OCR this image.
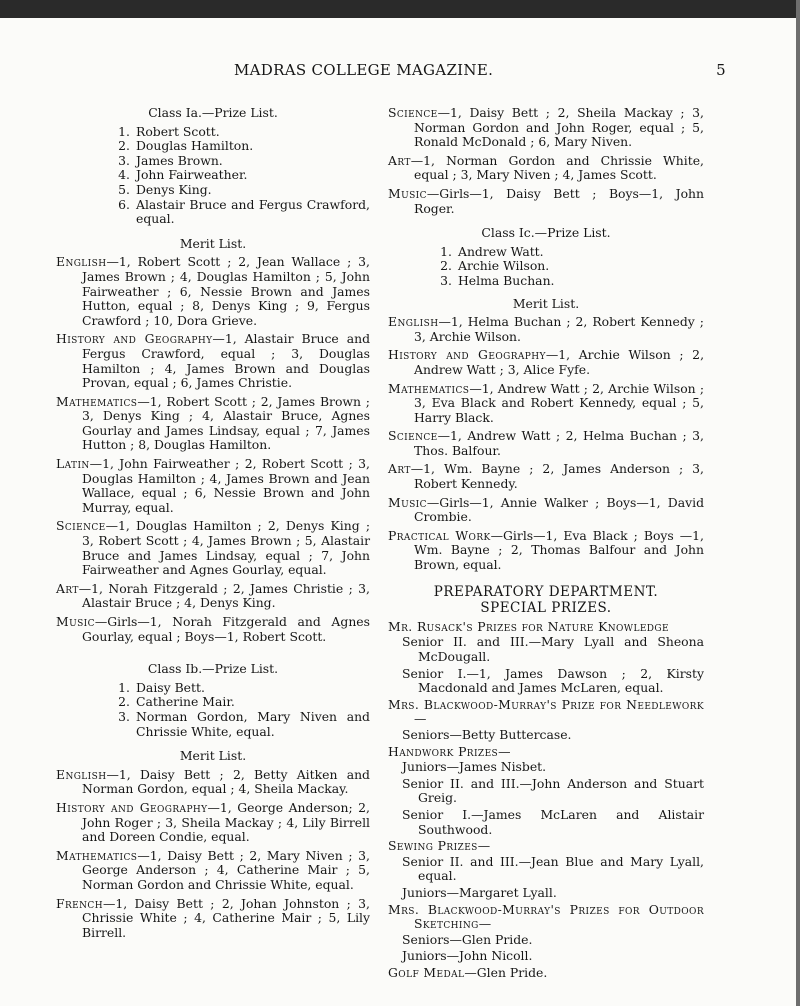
MADRAS COLLEGE MAGAZINE.	5
Class Ia.—Prize List.
1. Robert Scott.
2. Douglas Hamilton.
3. James Brown.
4. John Fairweather.
5. Denys King.
6. Alastair Bruce and Fergus Crawford, equal.
Merit List.

English—1, Robert Scott ; 2, Jean Wallace ; 3, James Brown ; 4, Douglas Hamilton ; 5, John Fairweather ; 6, Nessie Brown and James Hutton, equal ; 8, Denys King ; 9, Fergus Crawford ; 10, Dora Grieve.

History and Geography—1, Alastair Bruce and Fergus Crawford, equal ; 3, Douglas Hamilton ; 4, James Brown and Douglas Provan, equal ; 6, James Christie.

Mathematics—1, Robert Scott ; 2, James Brown ; 3, Denys King ; 4, Alastair Bruce, Agnes Gourlay and James Lindsay, equal ; 7, James Hutton ; 8, Douglas Hamilton.

Latin—1, John Fairweather ; 2, Robert Scott ; 3, Douglas Hamilton ; 4, James Brown and Jean Wallace, equal ; 6, Nessie Brown and John Murray, equal.

Science—1, Douglas Hamilton ; 2, Denys King ; 3, Robert Scott ; 4, James Brown ; 5, Alastair Bruce and James Lindsay, equal ; 7, John Fairweather and Agnes Gourlay, equal.

Art—1, Norah Fitzgerald ; 2, James Christie ; 3, Alastair Bruce ; 4, Denys King.

Music—Girls—1, Norah Fitzgerald and Agnes Gourlay, equal ; Boys—1, Robert Scott.

Class Ib.—Prize List.
1. Daisy Bett.
2. Catherine Mair.
3. Norman Gordon, Mary Niven and Chrissie White, equal.
Merit List.

English—1, Daisy Bett ; 2, Betty Aitken and Norman Gordon, equal ; 4, Sheila Mackay.

History and Geography—1, George Anderson; 2, John Roger ; 3, Sheila Mackay ; 4, Lily Birrell and Doreen Condie, equal.

Mathematics—1, Daisy Bett ; 2, Mary Niven ; 3, George Anderson ; 4, Catherine Mair ; 5, Norman Gordon and Chrissie White, equal.

French—1, Daisy Bett ; 2, Johan Johnston ; 3, Chrissie White ; 4, Catherine Mair ; 5, Lily Birrell.

Science—1, Daisy Bett ; 2, Sheila Mackay ; 3, Norman Gordon and John Roger, equal ; 5, Ronald McDonald ; 6, Mary Niven.

Art—1, Norman Gordon and Chrissie White, equal ; 3, Mary Niven ; 4, James Scott.

Music—Girls—1, Daisy Bett ; Boys—1, John Roger.

Class Ic.—Prize List.
1. Andrew Watt.
2. Archie Wilson.
3. Helma Buchan.
Merit List.

English—1, Helma Buchan ; 2, Robert Kennedy ; 3, Archie Wilson.

History and Geography—1, Archie Wilson ; 2, Andrew Watt ; 3, Alice Fyfe.

Mathematics—1, Andrew Watt ; 2, Archie Wilson ; 3, Eva Black and Robert Kennedy, equal ; 5, Harry Black.

Science—1, Andrew Watt ; 2, Helma Buchan ; 3, Thos. Balfour.

Art—1, Wm. Bayne ; 2, James Anderson ; 3, Robert Kennedy.

Music—Girls—1, Annie Walker ; Boys—1, David Crombie.

Practical Work—Girls—1, Eva Black ; Boys —1, Wm. Bayne ; 2, Thomas Balfour and John Brown, equal.

PREPARATORY DEPARTMENT.
SPECIAL PRIZES.

Mr. Rusack's Prizes for Nature Knowledge

Senior II. and III.—Mary Lyall and Sheona McDougall.

Senior I.—1, James Dawson ; 2, Kirsty Macdonald and James McLaren, equal.

Mrs. Blackwood-Murray's Prize for Needlework—

Seniors—Betty Buttercase.

Handwork Prizes—

Juniors—James Nisbet.

Senior II. and III.—John Anderson and Stuart Greig.

Senior I.—James McLaren and Alistair Southwood.

Sewing Prizes—

Senior II. and III.—Jean Blue and Mary Lyall, equal.

Juniors—Margaret Lyall.

Mrs. Blackwood-Murray's Prizes for Outdoor Sketching—

Seniors—Glen Pride.

Juniors—John Nicoll.

Golf Medal—Glen Pride.
